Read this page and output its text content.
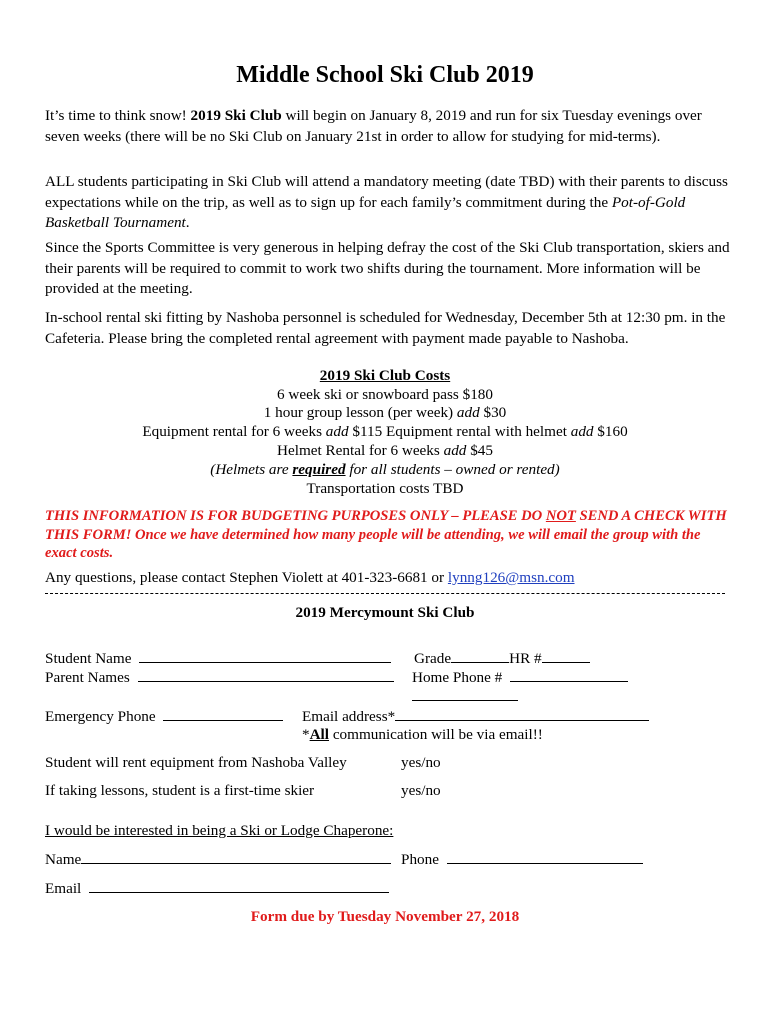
Middle School Ski Club 2019
It’s time to think snow! 2019 Ski Club will begin on January 8, 2019 and run for six Tuesday evenings over seven weeks (there will be no Ski Club on January 21st in order to allow for studying for mid-terms).
ALL students participating in Ski Club will attend a mandatory meeting (date TBD) with their parents to discuss expectations while on the trip, as well as to sign up for each family’s commitment during the Pot-of-Gold Basketball Tournament.
Since the Sports Committee is very generous in helping defray the cost of the Ski Club transportation, skiers and their parents will be required to commit to work two shifts during the tournament. More information will be provided at the meeting.
In-school rental ski fitting by Nashoba personnel is scheduled for Wednesday, December 5th at 12:30 pm. in the Cafeteria. Please bring the completed rental agreement with payment made payable to Nashoba.
2019 Ski Club Costs
6 week ski or snowboard pass $180
1 hour group lesson (per week) add $30
Equipment rental for 6 weeks add $115 Equipment rental with helmet add $160
Helmet Rental for 6 weeks add $45
(Helmets are required for all students – owned or rented)
Transportation costs TBD
THIS INFORMATION IS FOR BUDGETING PURPOSES ONLY – PLEASE DO NOT SEND A CHECK WITH THIS FORM! Once we have determined how many people will be attending, we will email the group with the exact costs.
Any questions, please contact Stephen Violett at 401-323-6681 or lynng126@msn.com
2019 Mercymount Ski Club
Student Name	Grade	HR #
Parent Names	Home Phone #
Emergency Phone	Email address*
*All communication will be via email!!
Student will rent equipment from Nashoba Valley	yes/no
If taking lessons, student is a first-time skier	yes/no
I would be interested in being a Ski or Lodge Chaperone:
Name	Phone
Email
Form due by Tuesday November 27, 2018
